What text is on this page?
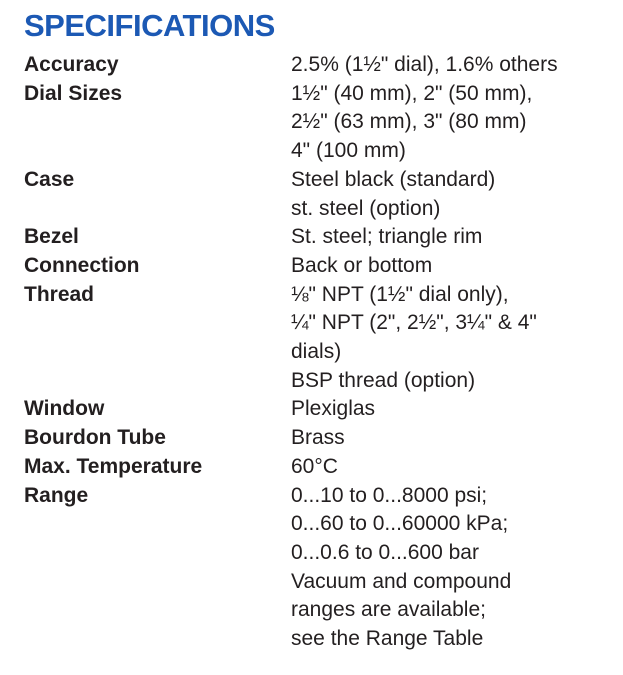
SPECIFICATIONS
Accuracy	2.5% (1½" dial), 1.6% others
Dial Sizes	1½" (40 mm), 2" (50 mm),
2½" (63 mm), 3" (80 mm)
4" (100 mm)
Case	Steel black (standard)
st. steel (option)
Bezel	St. steel; triangle rim
Connection	Back or bottom
Thread	⅛" NPT (1½" dial only),
¼" NPT (2", 2½", 3¼" & 4"
dials)
BSP thread (option)
Window	Plexiglas
Bourdon Tube	Brass
Max. Temperature	60°C
Range	0...10 to 0...8000 psi;
0...60 to 0...60000 kPa;
0...0.6 to 0...600 bar
Vacuum and compound
ranges are available;
see the Range Table
